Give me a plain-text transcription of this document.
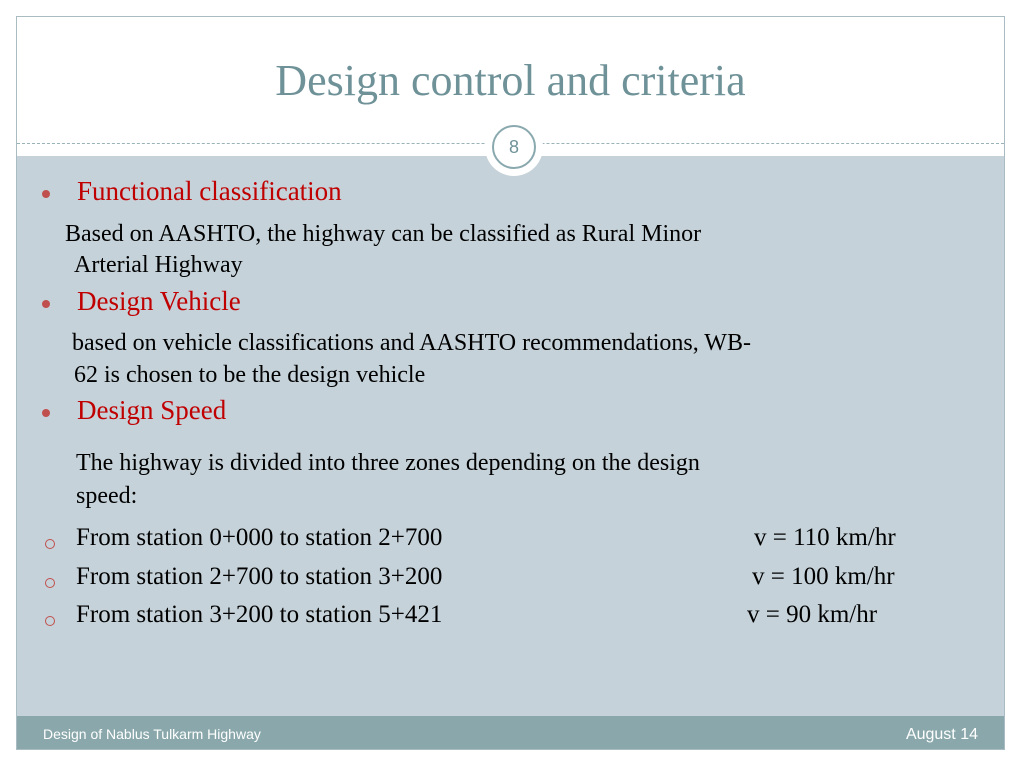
Design control and criteria
Functional classification
Based on AASHTO, the highway can be classified as Rural Minor
Arterial Highway
Design Vehicle
based on vehicle classifications and AASHTO recommendations, WB-
62 is chosen to be the design vehicle
Design Speed
The highway is divided into three zones depending on the design
speed:
From station 0+000 to station 2+700	v = 110 km/hr
From station 2+700 to station 3+200	v = 100 km/hr
From station 3+200 to station 5+421	v = 90 km/hr
8
Design of Nablus Tulkarm Highway	August 14
